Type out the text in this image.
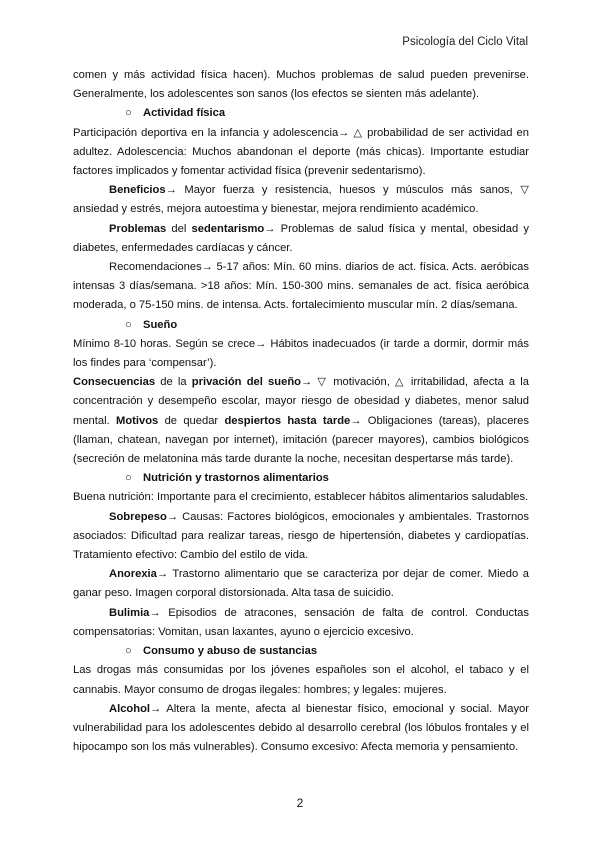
Psicología del Ciclo Vital

comen y más actividad física hacen). Muchos problemas de salud pueden prevenirse. Generalmente, los adolescentes son sanos (los efectos se sienten más adelante).

○ Actividad física

Participación deportiva en la infancia y adolescencia→ △ probabilidad de ser actividad en adultez. Adolescencia: Muchos abandonan el deporte (más chicas). Importante estudiar factores implicados y fomentar actividad física (prevenir sedentarismo).

Beneficios→ Mayor fuerza y resistencia, huesos y músculos más sanos, ▽ ansiedad y estrés, mejora autoestima y bienestar, mejora rendimiento académico.

Problemas del sedentarismo→ Problemas de salud física y mental, obesidad y diabetes, enfermedades cardíacas y cáncer.

Recomendaciones→ 5-17 años: Mín. 60 mins. diarios de act. física. Acts. aeróbicas intensas 3 días/semana. >18 años: Mín. 150-300 mins. semanales de act. física aeróbica moderada, o 75-150 mins. de intensa. Acts. fortalecimiento muscular mín. 2 días/semana.

○ Sueño

Mínimo 8-10 horas. Según se crece→ Hábitos inadecuados (ir tarde a dormir, dormir más los findes para ‘compensar’).

Consecuencias de la privación del sueño→ ▽ motivación, △ irritabilidad, afecta a la concentración y desempeño escolar, mayor riesgo de obesidad y diabetes, menor salud mental. Motivos de quedar despiertos hasta tarde→ Obligaciones (tareas), placeres (llaman, chatean, navegan por internet), imitación (parecer mayores), cambios biológicos (secreción de melatonina más tarde durante la noche, necesitan despertarse más tarde).

○ Nutrición y trastornos alimentarios

Buena nutrición: Importante para el crecimiento, establecer hábitos alimentarios saludables.

Sobrepeso→ Causas: Factores biológicos, emocionales y ambientales. Trastornos asociados: Dificultad para realizar tareas, riesgo de hipertensión, diabetes y cardiopatías. Tratamiento efectivo: Cambio del estilo de vida.

Anorexia→ Trastorno alimentario que se caracteriza por dejar de comer. Miedo a ganar peso. Imagen corporal distorsionada. Alta tasa de suicidio.

Bulimia→ Episodios de atracones, sensación de falta de control. Conductas compensatorias: Vomitan, usan laxantes, ayuno o ejercicio excesivo.

○ Consumo y abuso de sustancias

Las drogas más consumidas por los jóvenes españoles son el alcohol, el tabaco y el cannabis. Mayor consumo de drogas ilegales: hombres; y legales: mujeres.

Alcohol→ Altera la mente, afecta al bienestar físico, emocional y social. Mayor vulnerabilidad para los adolescentes debido al desarrollo cerebral (los lóbulos frontales y el hipocampo son los más vulnerables). Consumo excesivo: Afecta memoria y pensamiento.

2
